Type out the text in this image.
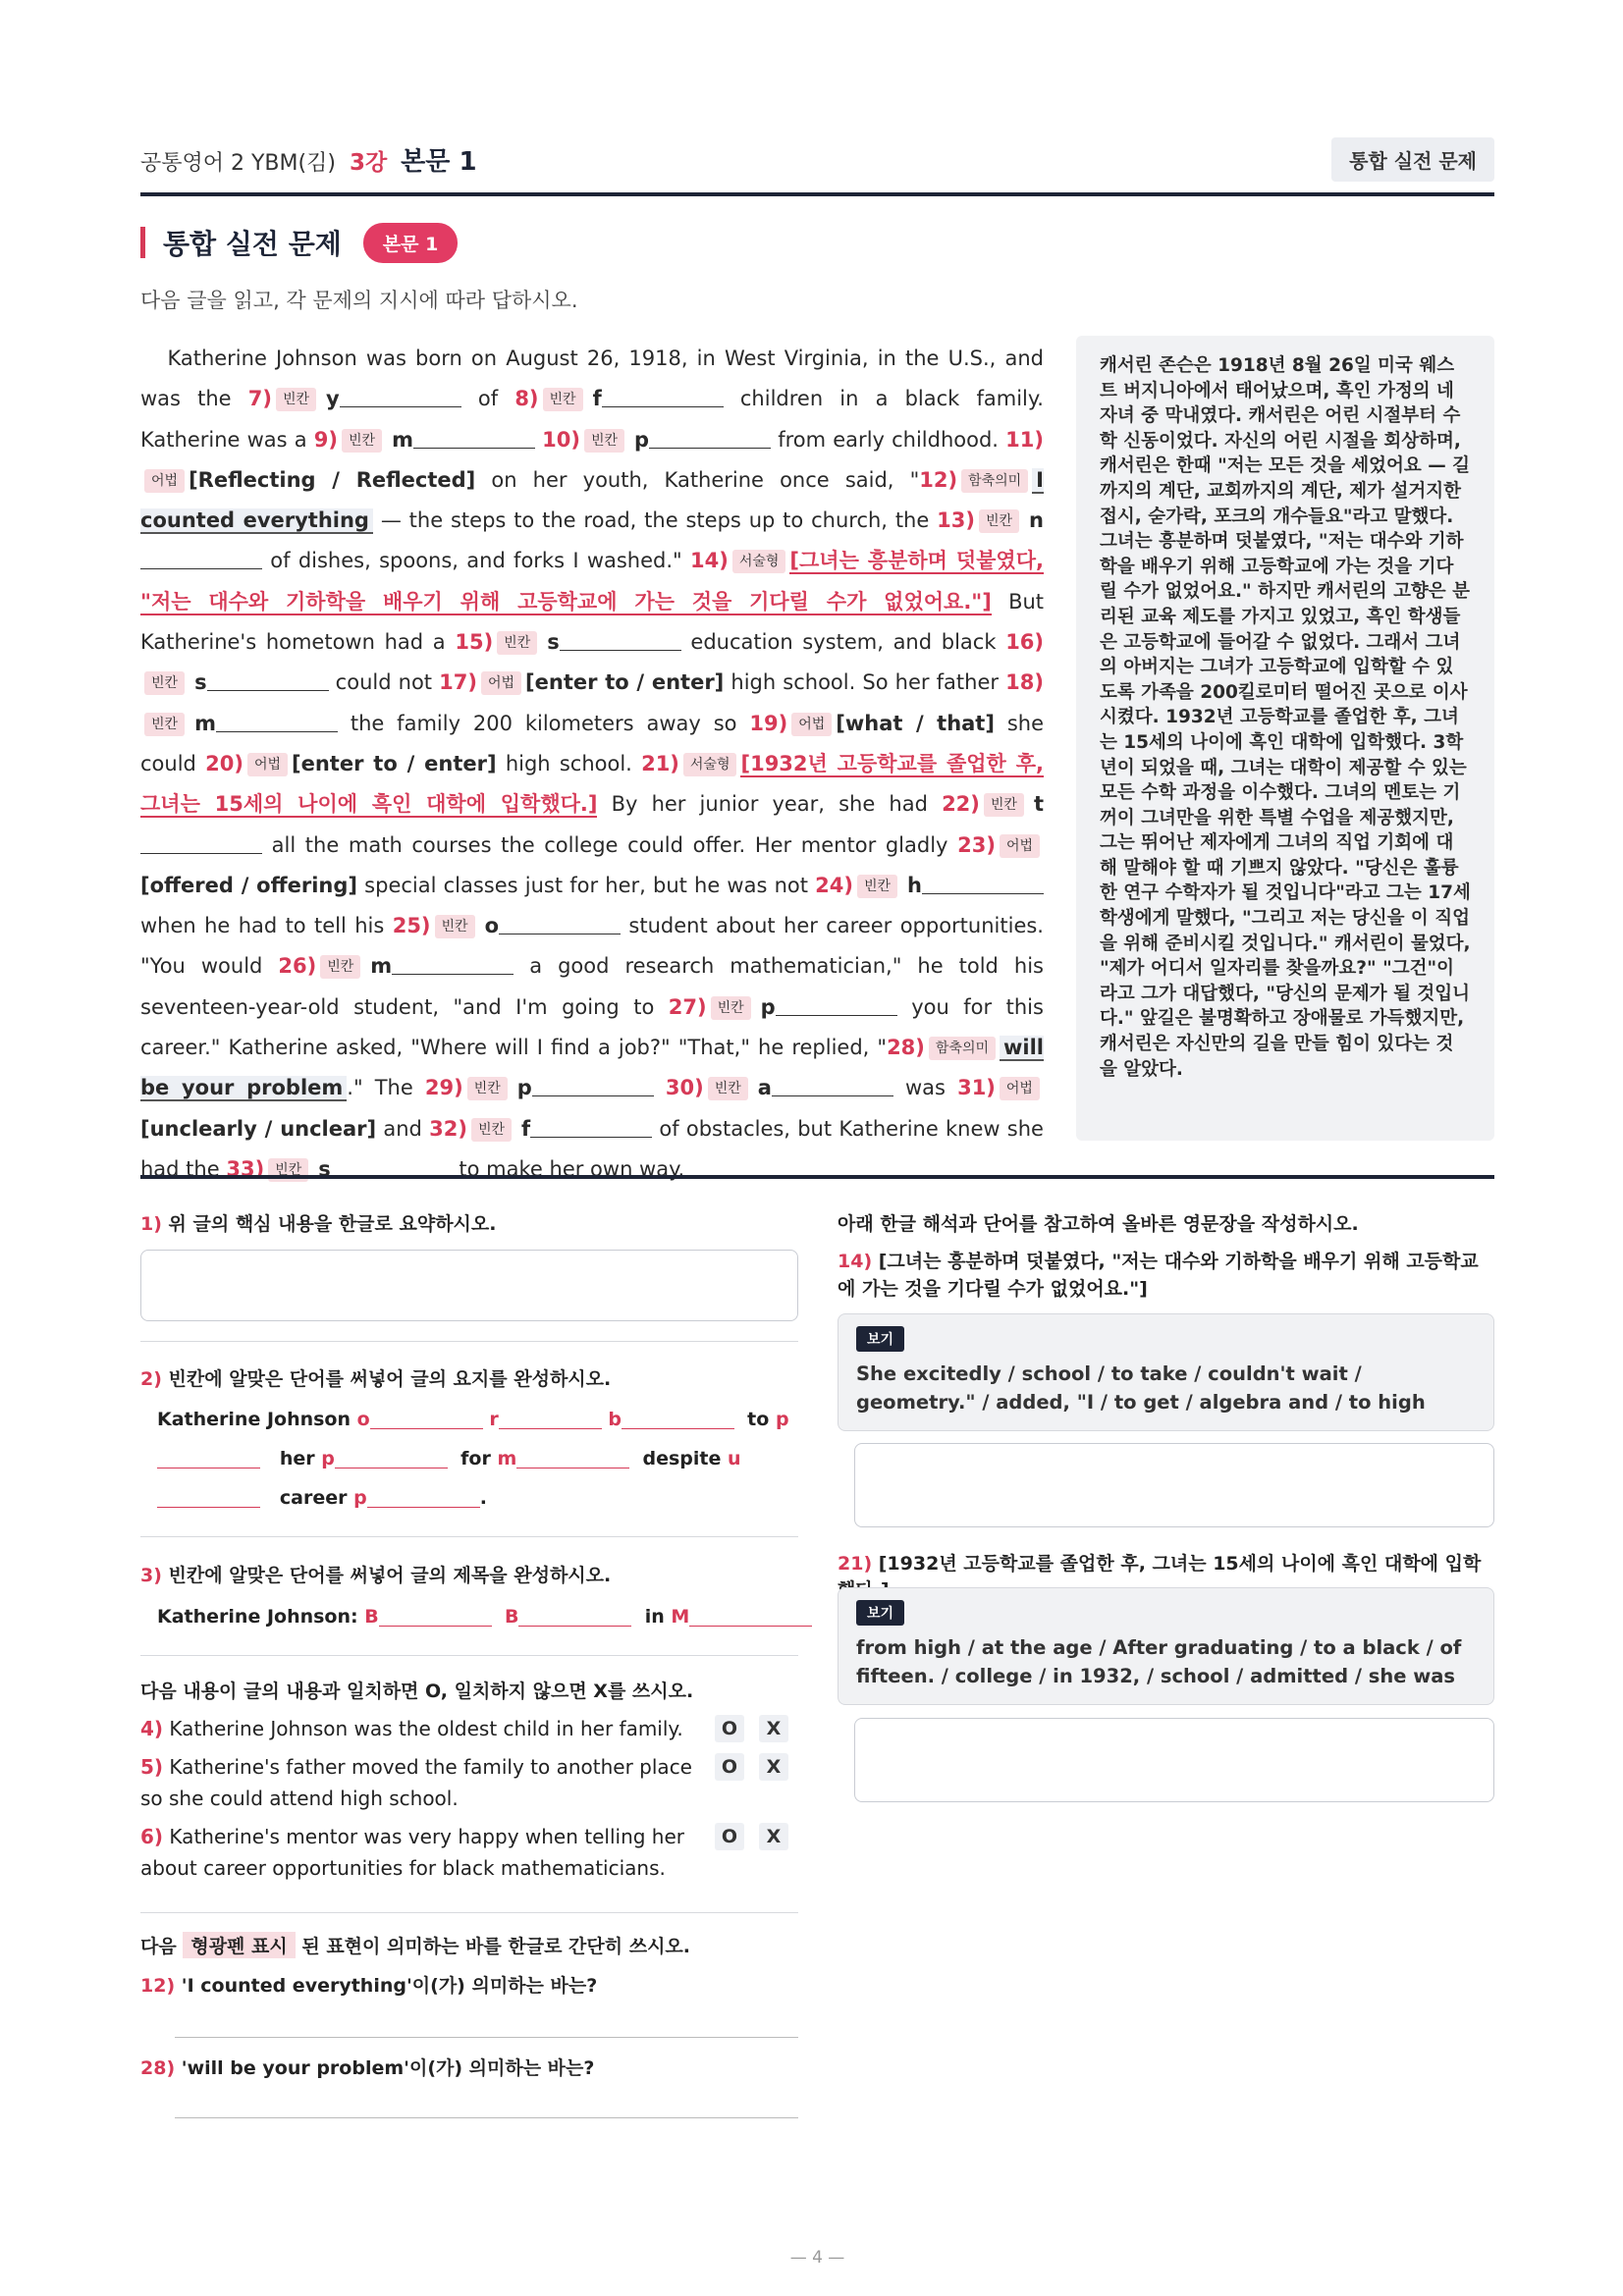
공통영어 2 YBM(김) 3강 본문 1	통합 실전 문제
통합 실전 문제	본문 1
다음 글을 읽고, 각 문제의 지시에 따라 답하시오.
Katherine Johnson was born on August 26, 1918, in West Virginia, in the U.S., and was the 7) 빈칸 y	of 8) 빈칸 f	children in a black family. Katherine was a 9) 빈칸 m	10) 빈칸 p	from early childhood. 11)어법 [Reflecting / Reflected] on her youth, Katherine once said, "12) 함축의미 I counted everything — the steps to the road, the steps up to church, the 13) 빈칸 n of dishes, spoons, and forks I washed." 14) 서술형 [그녀는 흥분하며 덧붙였다, "저는 대수와 기하학을 배우기 위해 고등학교에 가는 것을 기다릴 수가 없었어요."] But Katherine's hometown had a 15) 빈칸 s	education system, and black 16)빈칸 s	could not 17) 어법 [enter to / enter] high school. So her father 18)빈칸 m	the family 200 kilometers away so 19) 어법 [what / that] she could 20) 어법 [enter to / enter] high school. 21) 서술형 [1932년 고등학교를 졸업한 후, 그녀는 15세의 나이에 흑인 대학에 입학했다.] By her junior year, she had 22) 빈칸 t all the math courses the college could offer. Her mentor gladly 23) 어법[offered / offering] special classes just for her, but he was not 24) 빈칸 h when he had to tell his 25) 빈칸 o	student about her career opportunities. "You would 26) 빈칸 m	a good research mathematician," he told his seventeen-year-old student, "and I'm going to 27) 빈칸 p	you for this career." Katherine asked, "Where will I find a job?" "That," he replied, "28) 함축의미 will be your problem ." The 29) 빈칸 p	30) 빈칸 a	was 31) 어법[unclearly / unclear] and 32) 빈칸 f	of obstacles, but Katherine knew she had the 33) 빈칸 s	to make her own way.
캐서린 존슨은 1918년 8월 26일 미국 웨스트 버지니아에서 태어났으며, 흑인 가정의 네 자녀 중 막내였다. 캐서린은 어린 시절부터 수학 신동이었다. 자신의 어린 시절을 회상하며, 캐서린은 한때 "저는 모든 것을 세었어요 — 길까지의 계단, 교회까지의 계단, 제가 설거지한 접시, 숟가락, 포크의 개수들요"라고 말했다. 그녀는 흥분하며 덧붙였다, "저는 대수와 기하학을 배우기 위해 고등학교에 가는 것을 기다릴 수가 없었어요." 하지만 캐서린의 고향은 분리된 교육 제도를 가지고 있었고, 흑인 학생들은 고등학교에 들어갈 수 없었다. 그래서 그녀의 아버지는 그녀가 고등학교에 입학할 수 있도록 가족을 200킬로미터 떨어진 곳으로 이사시켰다. 1932년 고등학교를 졸업한 후, 그녀는 15세의 나이에 흑인 대학에 입학했다. 3학년이 되었을 때, 그녀는 대학이 제공할 수 있는 모든 수학 과정을 이수했다. 그녀의 멘토는 기꺼이 그녀만을 위한 특별 수업을 제공했지만, 그는 뛰어난 제자에게 그녀의 직업 기회에 대해 말해야 할 때 기쁘지 않았다. "당신은 훌륭한 연구 수학자가 될 것입니다"라고 그는 17세 학생에게 말했다, "그리고 저는 당신을 이 직업을 위해 준비시킬 것입니다." 캐서린이 물었다, "제가 어디서 일자리를 찾을까요?" "그건"이라고 그가 대답했다, "당신의 문제가 될 것입니다." 앞길은 불명확하고 장애물로 가득했지만, 캐서린은 자신만의 길을 만들 힘이 있다는 것을 알았다.
1) 위 글의 핵심 내용을 한글로 요약하시오.
2) 빈칸에 알맞은 단어를 써넣어 글의 요지를 완성하시오.
Katherine Johnson o	r	b	to p
her p	for m	despite u
career p	.
3) 빈칸에 알맞은 단어를 써넣어 글의 제목을 완성하시오.
Katherine Johnson: B	B	in M
다음 내용이 글의 내용과 일치하면 O, 일치하지 않으면 X를 쓰시오.
4) Katherine Johnson was the oldest child in her family.	O	X
5) Katherine's father moved the family to another place so she could attend high school.
O	X
6) Katherine's mentor was very happy when telling her about career opportunities for black mathematicians.
O	X
다음 형광펜 표시 된 표현이 의미하는 바를 한글로 간단히 쓰시오.
12) 'I counted everything'이(가) 의미하는 바는?
28) 'will be your problem'이(가) 의미하는 바는?
아래 한글 해석과 단어를 참고하여 올바른 영문장을 작성하시오.
14) [그녀는 흥분하며 덧붙였다, "저는 대수와 기하학을 배우기 위해 고등학교에 가는 것을 기다릴 수가 없었어요."]
보기
She excitedly / school / to take / couldn't wait / geometry." / added, "I / to get / algebra and / to high
21) [1932년 고등학교를 졸업한 후, 그녀는 15세의 나이에 흑인 대학에 입학
보기
from high / at the age / After graduating / to a black / of fifteen. / college / in 1932, / school / admitted / she was
— 4 —
